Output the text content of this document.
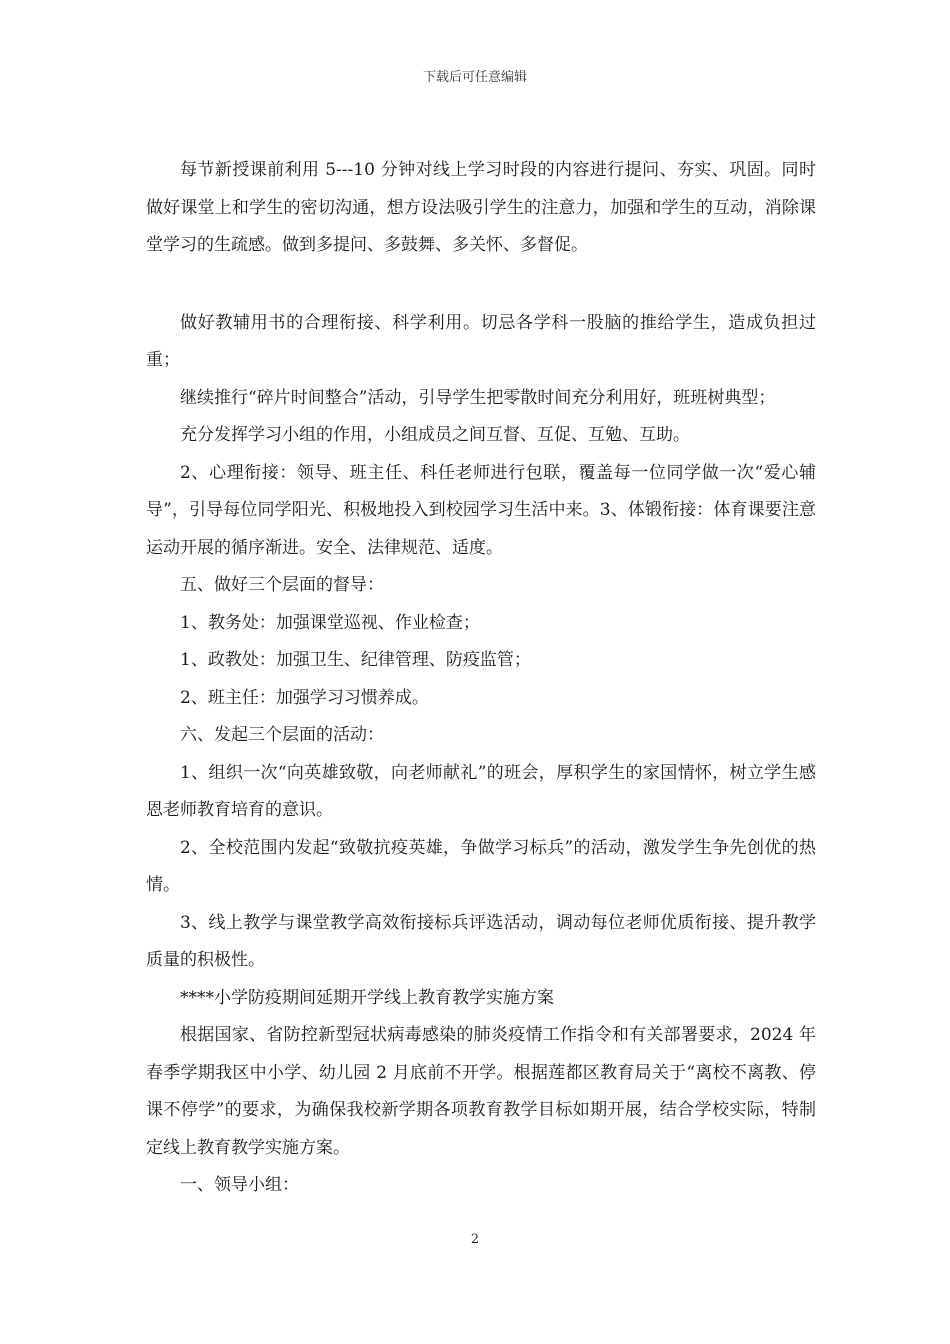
下载后可任意编辑

每节新授课前利用 5---10 分钟对线上学习时段的内容进行提问、夯实、巩固。同时做好课堂上和学生的密切沟通，想方设法吸引学生的注意力，加强和学生的互动，消除课堂学习的生疏感。做到多提问、多鼓舞、多关怀、多督促。

做好教辅用书的合理衔接、科学利用。切忌各学科一股脑的推给学生，造成负担过重；

继续推行“碎片时间整合”活动，引导学生把零散时间充分利用好，班班树典型；

充分发挥学习小组的作用，小组成员之间互督、互促、互勉、互助。

2、心理衔接：领导、班主任、科任老师进行包联，覆盖每一位同学做一次“爱心辅导”，引导每位同学阳光、积极地投入到校园学习生活中来。3、体锻衔接：体育课要注意运动开展的循序渐进。安全、法律规范、适度。

五、做好三个层面的督导：

1、教务处：加强课堂巡视、作业检查；

1、政教处：加强卫生、纪律管理、防疫监管；

2、班主任：加强学习习惯养成。

六、发起三个层面的活动：

1、组织一次“向英雄致敬，向老师献礼”的班会，厚积学生的家国情怀，树立学生感恩老师教育培育的意识。

2、全校范围内发起“致敬抗疫英雄，争做学习标兵”的活动，激发学生争先创优的热情。

3、线上教学与课堂教学高效衔接标兵评选活动，调动每位老师优质衔接、提升教学质量的积极性。

****小学防疫期间延期开学线上教育教学实施方案

根据国家、省防控新型冠状病毒感染的肺炎疫情工作指令和有关部署要求，2024 年春季学期我区中小学、幼儿园 2 月底前不开学。根据莲都区教育局关于“离校不离教、停课不停学”的要求，为确保我校新学期各项教育教学目标如期开展，结合学校实际，特制定线上教育教学实施方案。

一、领导小组：

2
